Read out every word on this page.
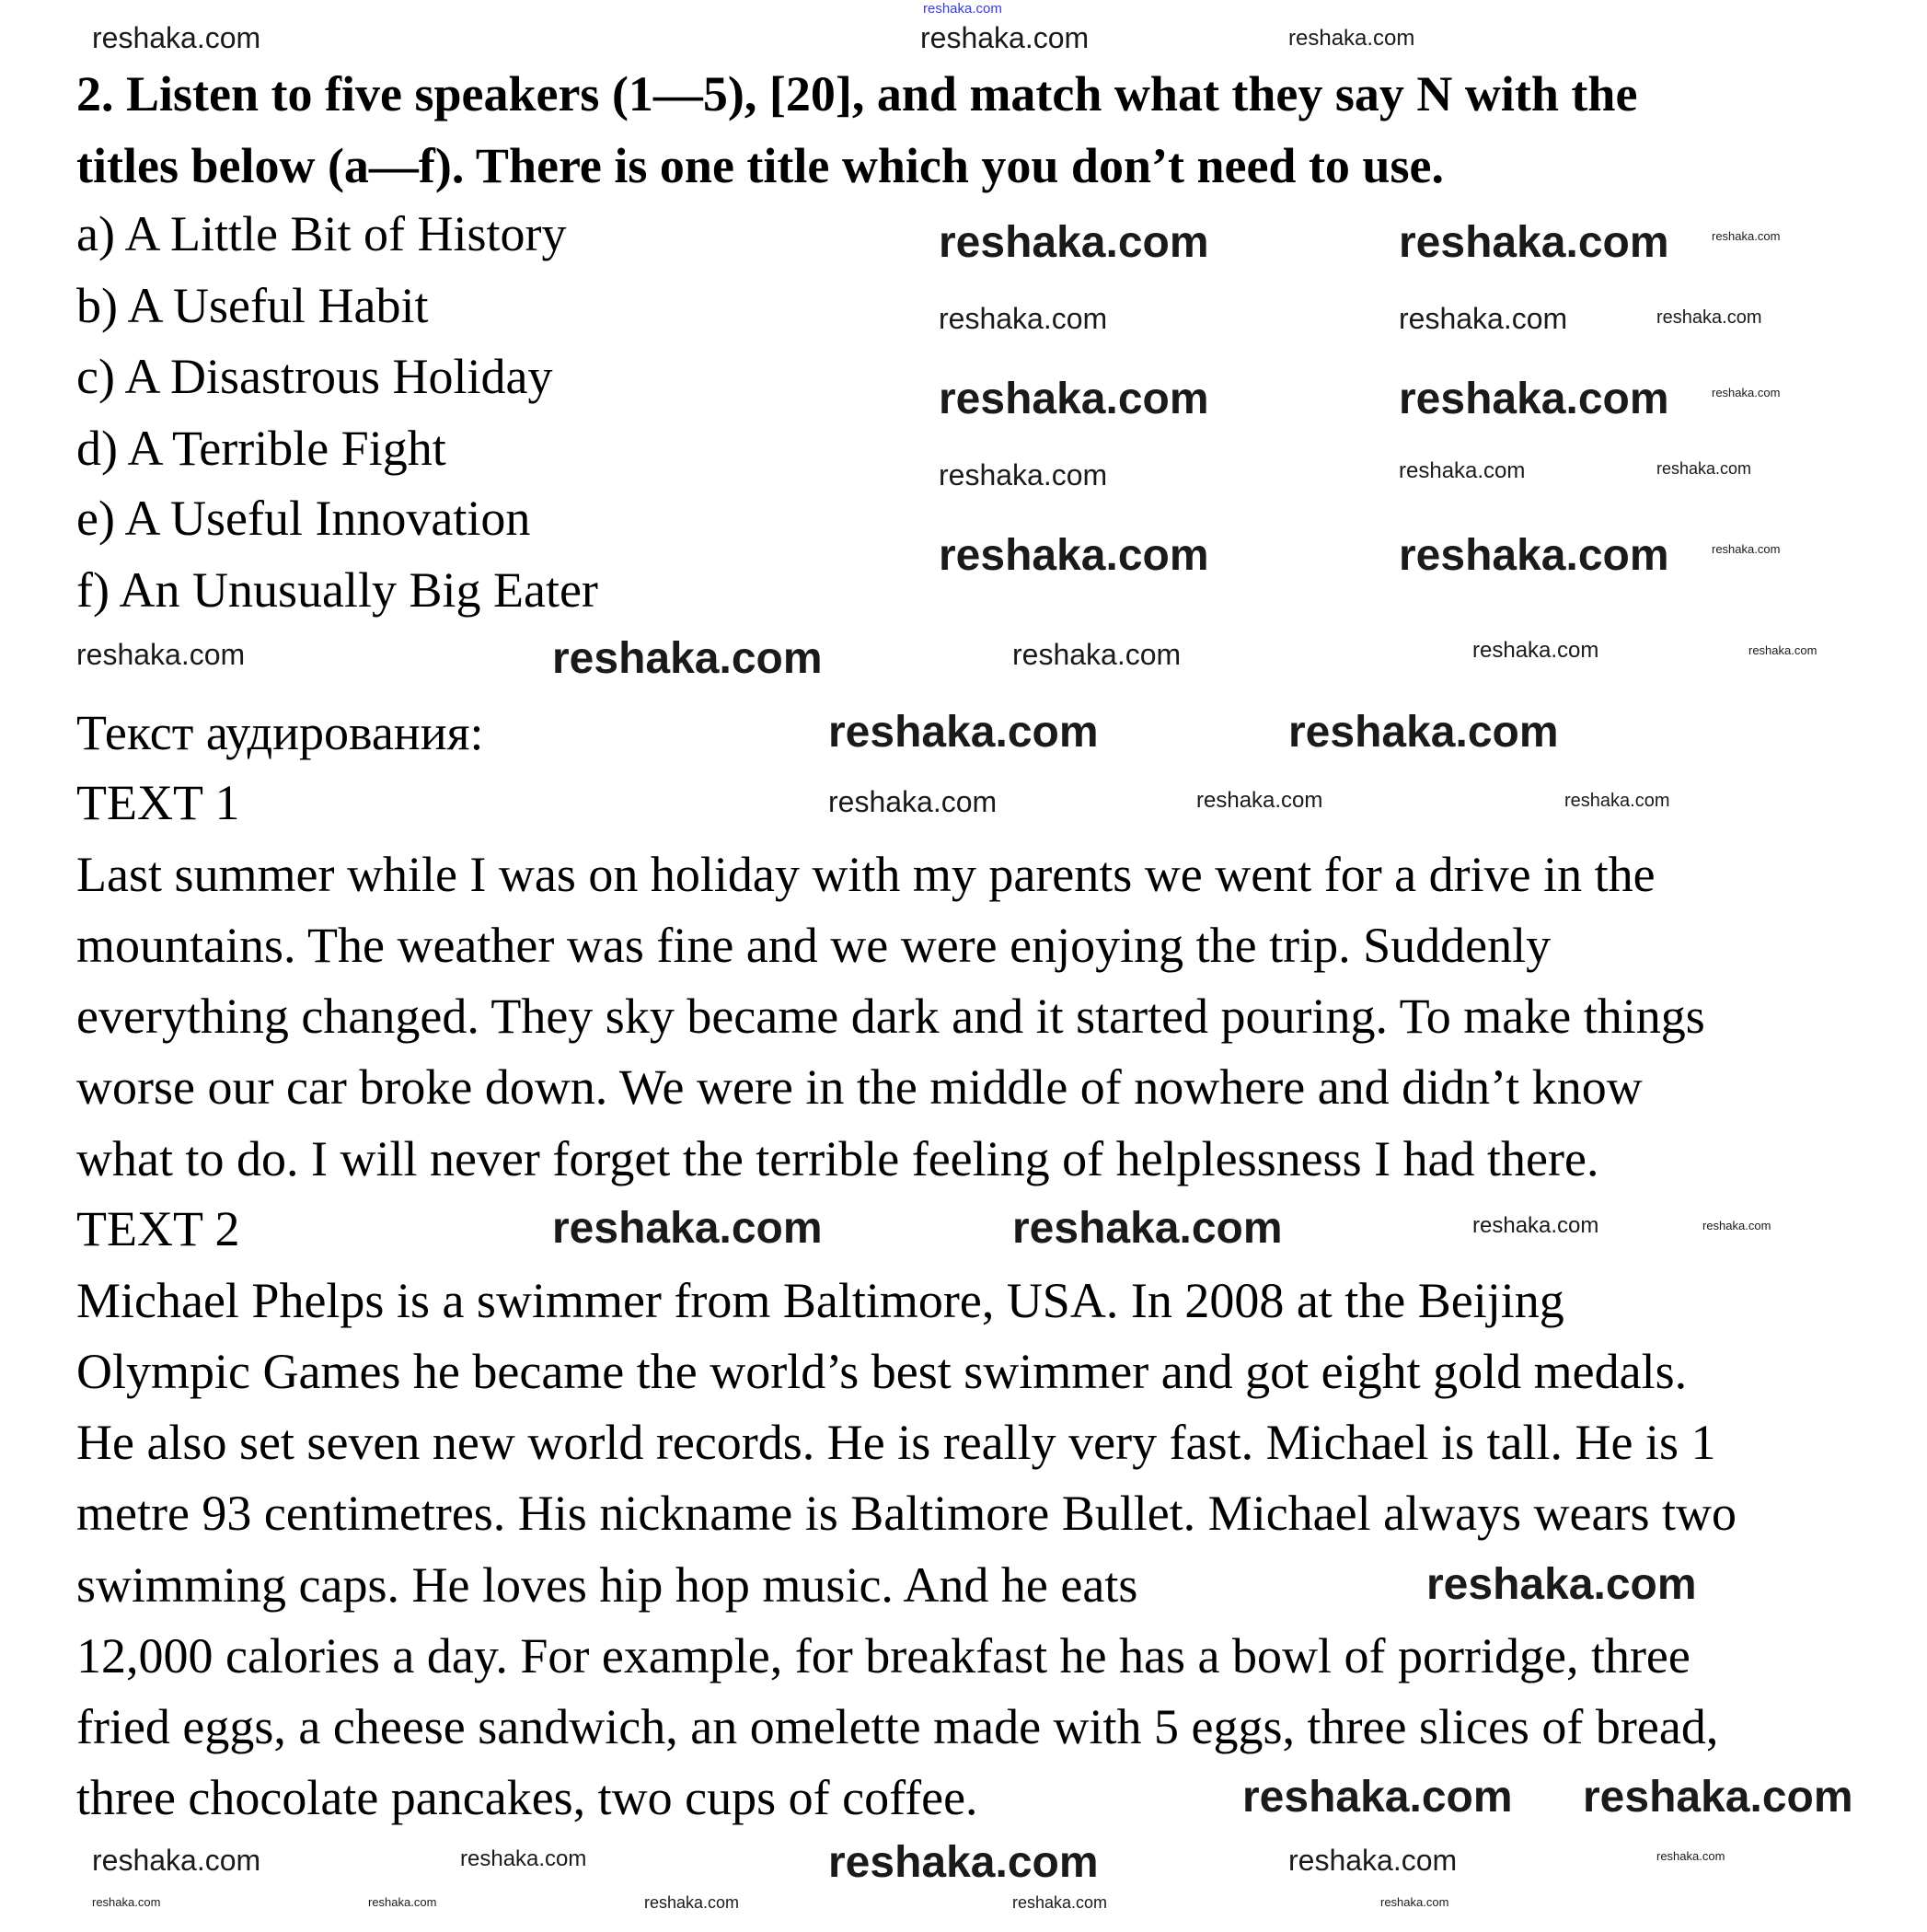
2. Listen to five speakers (1—5), [20], and match what they say N with the
titles below (a—f). There is one title which you don’t need to use.
a) A Little Bit of History
b) A Useful Habit
c) A Disastrous Holiday
d) A Terrible Fight
e) A Useful Innovation
f) An Unusually Big Eater
Текст аудирования:
TEXT 1
Last summer while I was on holiday with my parents we went for a drive in the
mountains. The weather was fine and we were enjoying the trip. Suddenly
everything changed. They sky became dark and it started pouring. To make things
worse our car broke down. We were in the middle of nowhere and didn’t know
what to do. I will never forget the terrible feeling of helplessness I had there.
TEXT 2
Michael Phelps is a swimmer from Baltimore, USA. In 2008 at the Beijing
Olympic Games he became the world’s best swimmer and got eight gold medals.
He also set seven new world records. He is really very fast. Michael is tall. He is 1
metre 93 centimetres. His nickname is Baltimore Bullet. Michael always wears two
swimming caps. He loves hip hop music. And he eats
12,000 calories a day. For example, for breakfast he has a bowl of porridge, three
fried eggs, a cheese sandwich, an omelette made with 5 eggs, three slices of bread,
three chocolate pancakes, two cups of coffee.
reshaka.com
reshaka.com	reshaka.com	reshaka.com
reshaka.com	reshaka.com	reshaka.com
reshaka.com	reshaka.com	reshaka.com
reshaka.com	reshaka.com	reshaka.com
reshaka.com	reshaka.com	reshaka.com
reshaka.com	reshaka.com	reshaka.com
reshaka.com	reshaka.com	reshaka.com	reshaka.com	reshaka.com
reshaka.com	reshaka.com
reshaka.com	reshaka.com	reshaka.com
reshaka.com	reshaka.com	reshaka.com	reshaka.com
reshaka.com
reshaka.com reshaka.com
reshaka.com	reshaka.com	reshaka.com	reshaka.com	reshaka.com
reshaka.com	reshaka.com	reshaka.com	reshaka.com	reshaka.com
